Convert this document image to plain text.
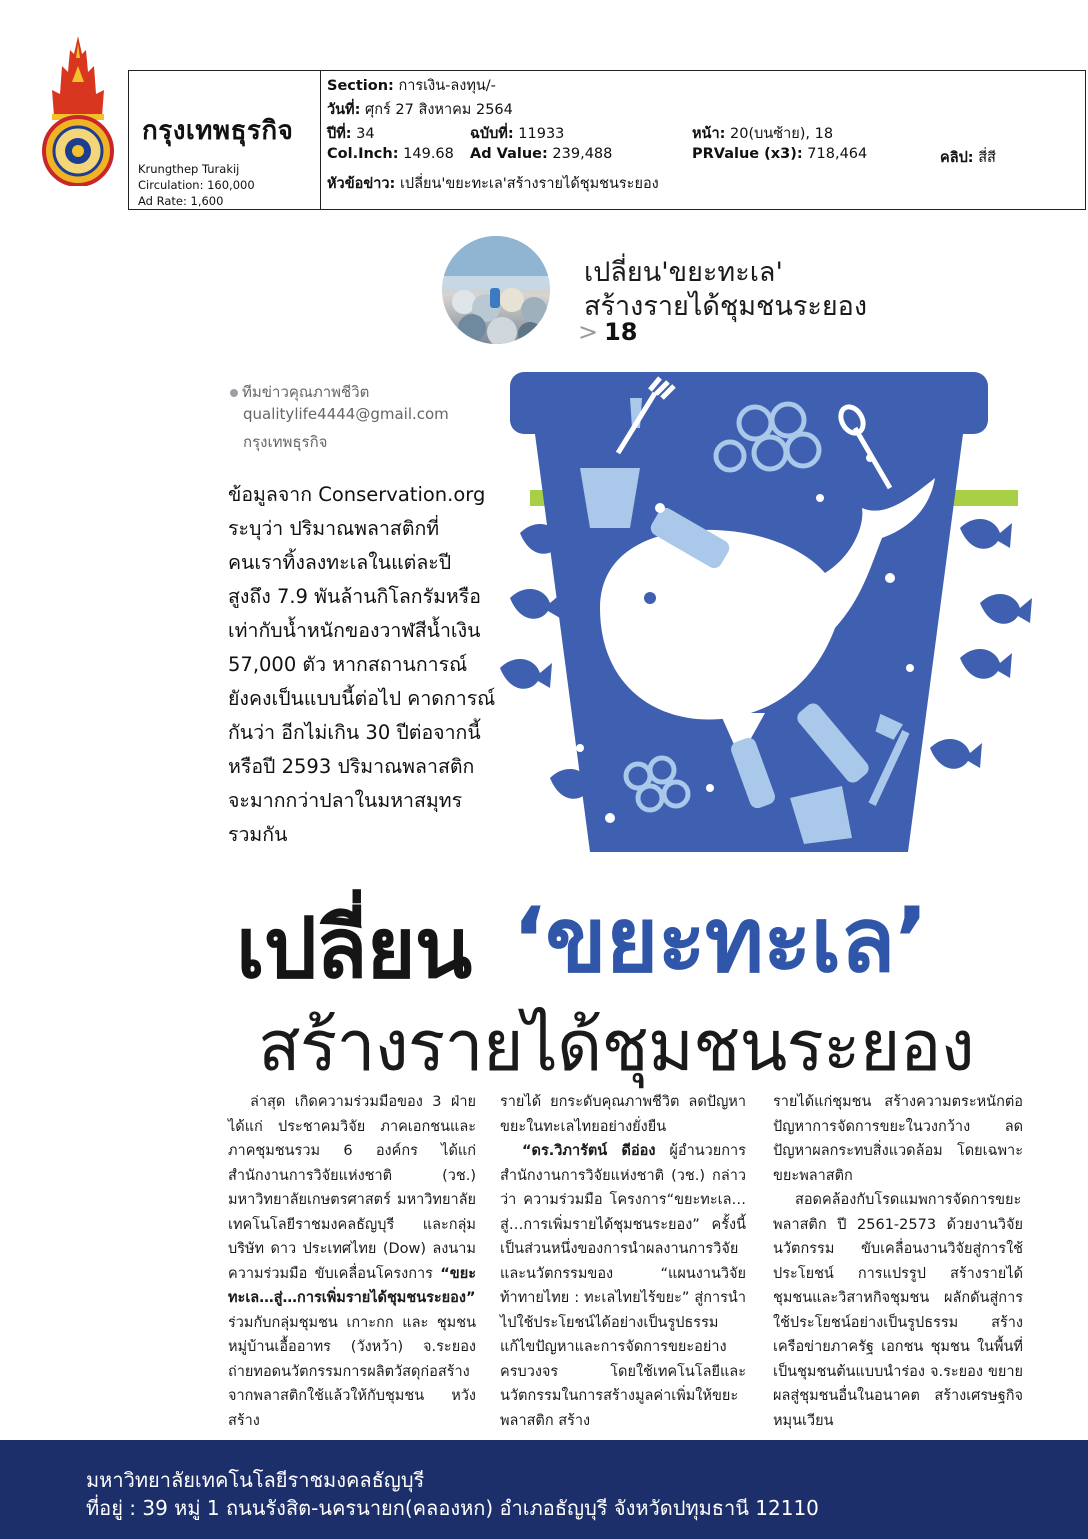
กรุงเทพธุรกิจ
Krungthep Turakij
Circulation: 160,000
Ad Rate: 1,600
Section: การเงิน-ลงทุน/-
วันที่: ศุกร์ 27 สิงหาคม 2564
ปีที่: 34	ฉบับที่: 11933	หน้า: 20(บนซ้าย), 18
Col.Inch: 149.68 Ad Value: 239,488	PRValue (x3): 718,464	คลิป: สี่สี
หัวข้อข่าว: เปลี่ยน'ขยะทะเล'สร้างรายได้ชุมชนระยอง
เปลี่ยน'ขยะทะเล'
สร้างรายได้ชุมชนระยอง
> 18
ทีมข่าวคุณภาพชีวิต
qualitylife4444@gmail.com
กรุงเทพธุรกิจ

ข้อมูลจาก Conservation.org

ระบุว่า ปริมาณพลาสติกที่

คนเราทิ้งลงทะเลในแต่ละปี

สูงถึง 7.9 พันล้านกิโลกรัมหรือ

เท่ากับน้ำหนักของวาฬสีน้ำเงิน

57,000 ตัว หากสถานการณ์

ยังคงเป็นแบบนี้ต่อไป คาดการณ์

กันว่า อีกไม่เกิน 30 ปีต่อจากนี้

หรือปี 2593 ปริมาณพลาสติก

จะมากกว่าปลาในมหาสมุทร

รวมกัน

เปลี่ยน ‘ขยะทะเล’
สร้างรายได้ชุมชนระยอง

ล่าสุด เกิดความร่วมมือของ 3 ฝ่าย ได้แก่ ประชาคมวิจัย ภาคเอกชนและภาคชุมชนรวม 6 องค์กร ได้แก่สำนักงานการวิจัยแห่งชาติ (วช.) มหาวิทยาลัยเกษตรศาสตร์ มหาวิทยาลัยเทคโนโลยีราชมงคลธัญบุรี และกลุ่มบริษัท ดาว ประเทศไทย (Dow) ลงนามความร่วมมือ ขับเคลื่อนโครงการ “ขยะทะเล…สู่…การเพิ่มรายได้ชุมชนระยอง” ร่วมกับกลุ่มชุมชน เกาะกก และ ชุมชนหมู่บ้านเอื้ออาทร (วังหว้า) จ.ระยอง ถ่ายทอดนวัตกรรมการผลิตวัสดุก่อสร้างจากพลาสติกใช้แล้วให้กับชุมชน หวังสร้าง

รายได้ ยกระดับคุณภาพชีวิต ลดปัญหาขยะในทะเลไทยอย่างยั่งยืน

“ดร.วิภารัตน์ ดีอ่อง ผู้อำนวยการสำนักงานการวิจัยแห่งชาติ (วช.) กล่าวว่า ความร่วมมือ โครงการ“ขยะทะเล…สู่…การเพิ่มรายได้ชุมชนระยอง” ครั้งนี้เป็นส่วนหนึ่งของการนำผลงานการวิจัยและนวัตกรรมของ “แผนงานวิจัยท้าทายไทย : ทะเลไทยไร้ขยะ” สู่การนำไปใช้ประโยชน์ได้อย่างเป็นรูปธรรม แก้ไขปัญหาและการจัดการขยะอย่างครบวงจร โดยใช้เทคโนโลยีและนวัตกรรมในการสร้างมูลค่าเพิ่มให้ขยะพลาสติก สร้าง

รายได้แก่ชุมชน สร้างความตระหนักต่อปัญหาการจัดการขยะในวงกว้าง ลดปัญหาผลกระทบสิ่งแวดล้อม โดยเฉพาะขยะพลาสติก

สอดคล้องกับโรดแมพการจัดการขยะพลาสติก ปี 2561-2573 ด้วยงานวิจัย นวัตกรรม ขับเคลื่อนงานวิจัยสู่การใช้ประโยชน์ การแปรรูป สร้างรายได้ชุมชนและวิสาหกิจชุมชน ผลักดันสู่การใช้ประโยชน์อย่างเป็นรูปธรรม สร้างเครือข่ายภาครัฐ เอกชน ชุมชน ในพื้นที่ เป็นชุมชนต้นแบบนำร่อง จ.ระยอง ขยายผลสู่ชุมชนอื่นในอนาคต สร้างเศรษฐกิจหมุนเวียน

มหาวิทยาลัยเทคโนโลยีราชมงคลธัญบุรี
ที่อยู่ : 39 หมู่ 1 ถนนรังสิต-นครนายก(คลองหก) อำเภอธัญบุรี จังหวัดปทุมธานี 12110
